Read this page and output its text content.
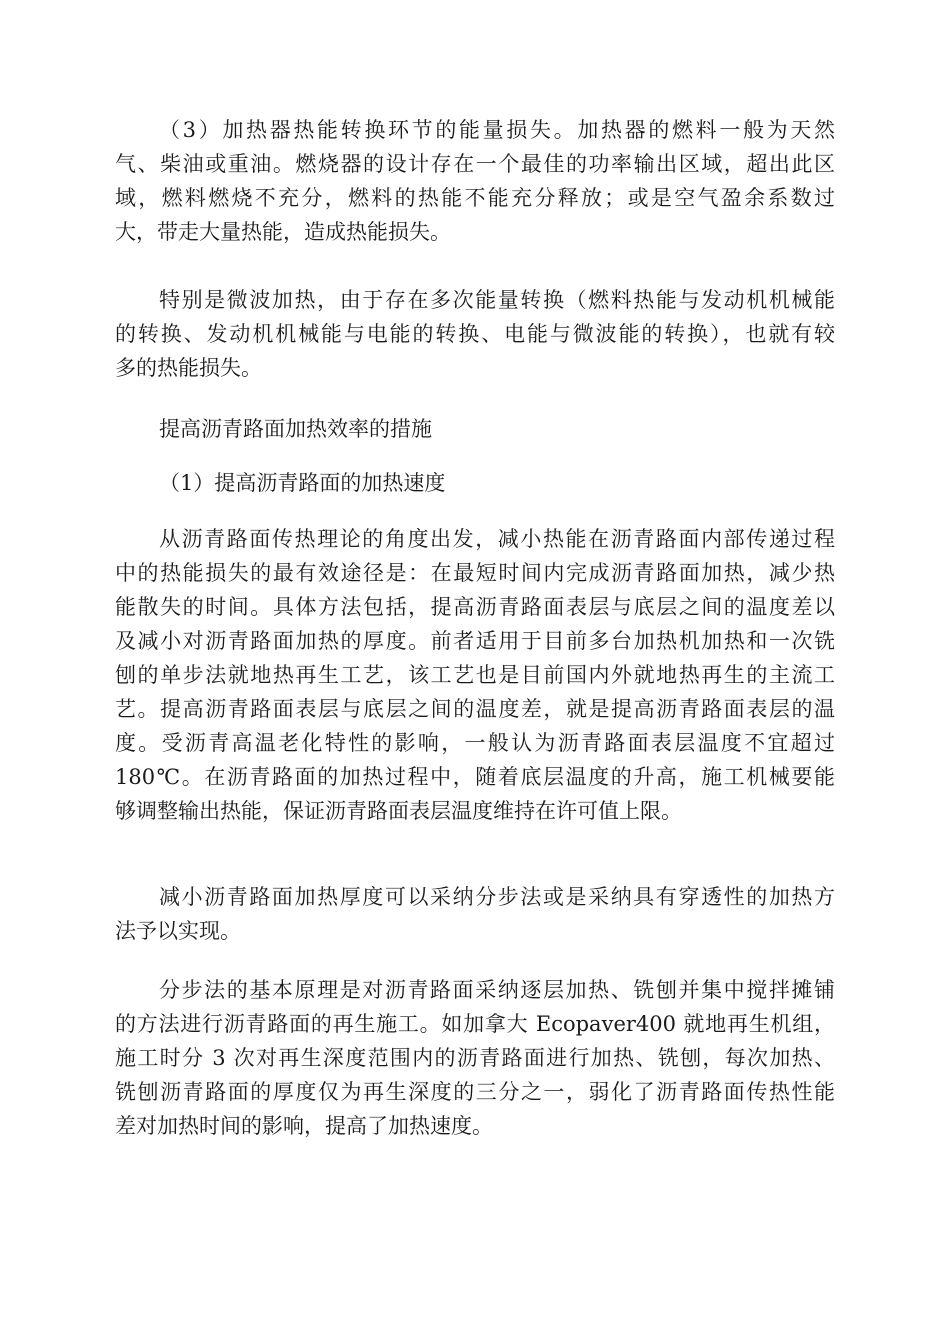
（3）加热器热能转换环节的能量损失。加热器的燃料一般为天然
气、柴油或重油。燃烧器的设计存在一个最佳的功率输出区域，超出此区
域，燃料燃烧不充分，燃料的热能不能充分释放；或是空气盈余系数过
大，带走大量热能，造成热能损失。
特别是微波加热，由于存在多次能量转换（燃料热能与发动机机械能
的转换、发动机机械能与电能的转换、电能与微波能的转换），也就有较
多的热能损失。
提高沥青路面加热效率的措施
（1）提高沥青路面的加热速度
从沥青路面传热理论的角度出发，减小热能在沥青路面内部传递过程
中的热能损失的最有效途径是：在最短时间内完成沥青路面加热，减少热
能散失的时间。具体方法包括，提高沥青路面表层与底层之间的温度差以
及减小对沥青路面加热的厚度。前者适用于目前多台加热机加热和一次铣
刨的单步法就地热再生工艺，该工艺也是目前国内外就地热再生的主流工
艺。提高沥青路面表层与底层之间的温度差，就是提高沥青路面表层的温
度。受沥青高温老化特性的影响，一般认为沥青路面表层温度不宜超过
180℃。在沥青路面的加热过程中，随着底层温度的升高，施工机械要能
够调整输出热能，保证沥青路面表层温度维持在许可值上限。
减小沥青路面加热厚度可以采纳分步法或是采纳具有穿透性的加热方
法予以实现。
分步法的基本原理是对沥青路面采纳逐层加热、铣刨并集中搅拌摊铺
的方法进行沥青路面的再生施工。如加拿大 Ecopaver400 就地再生机组，
施工时分 3 次对再生深度范围内的沥青路面进行加热、铣刨，每次加热、
铣刨沥青路面的厚度仅为再生深度的三分之一，弱化了沥青路面传热性能
差对加热时间的影响，提高了加热速度。
